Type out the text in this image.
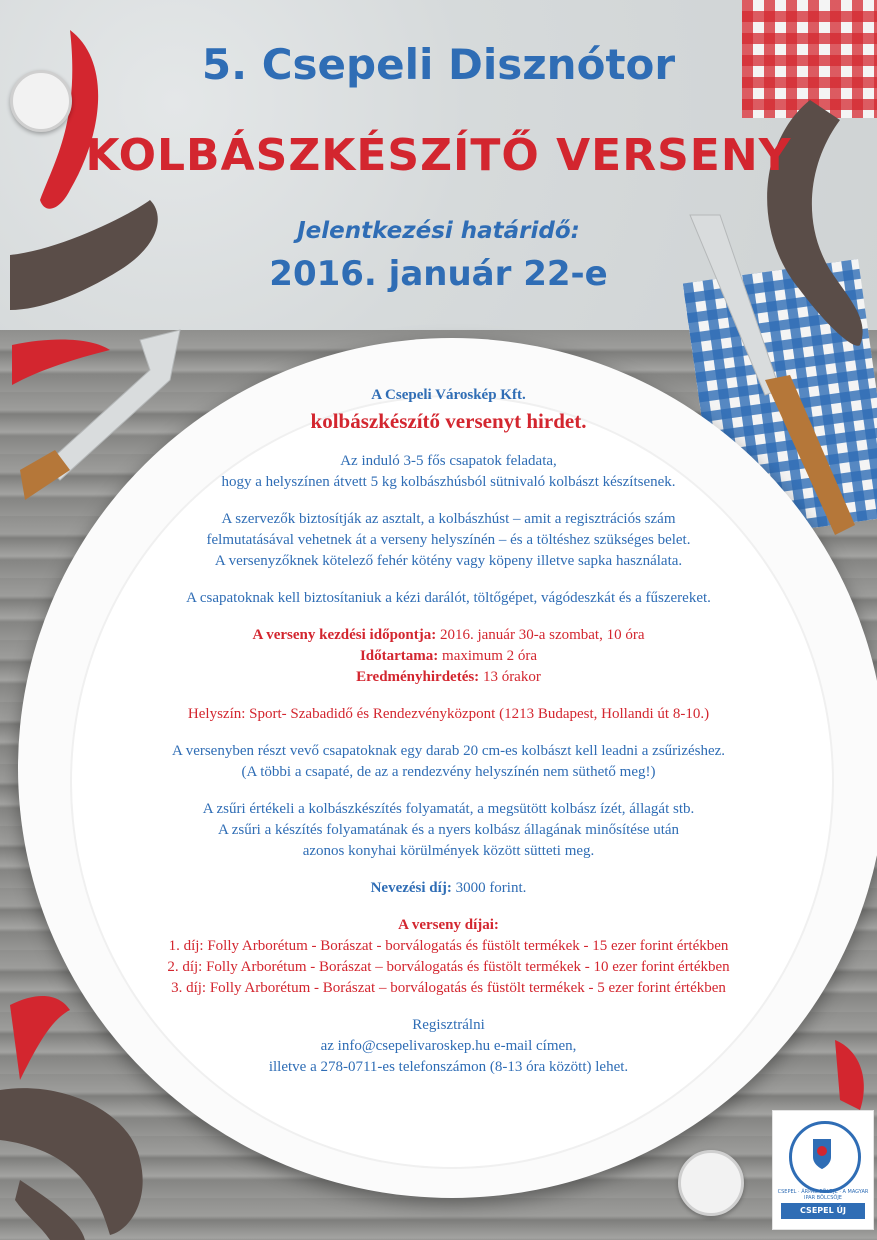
5. Csepeli Disznótor
KOLBÁSZKÉSZÍTŐ VERSENY
Jelentkezési határidő:
2016. január 22-e

A Csepeli Városkép Kft.

kolbászkészítő versenyt hirdet.

Az induló 3-5 fős csapatok feladata,
hogy a helyszínen átvett 5 kg kolbászhúsból sütnivaló kolbászt készítsenek.

A szervezők biztosítják az asztalt, a kolbászhúst – amit a regisztrációs szám
felmutatásával vehetnek át a verseny helyszínén – és a töltéshez szükséges belet.
A versenyzőknek kötelező fehér kötény vagy köpeny illetve sapka használata.

A csapatoknak kell biztosítaniuk a kézi darálót, töltőgépet, vágódeszkát és a fűszereket.

A verseny kezdési időpontja: 2016. január 30-a szombat, 10 óra
Időtartama: maximum 2 óra
Eredményhirdetés: 13 órakor

Helyszín: Sport- Szabadidő és Rendezvényközpont (1213 Budapest, Hollandi út 8-10.)

A versenyben részt vevő csapatoknak egy darab 20 cm-es kolbászt kell leadni a zsűrizéshez.
(A többi a csapaté, de az a rendezvény helyszínén nem süthető meg!)

A zsűri értékeli a kolbászkészítés folyamatát, a megsütött kolbász ízét, állagát stb.
A zsűri a készítés folyamatának és a nyers kolbász állagának minősítése után
azonos konyhai körülmények között sütteti meg.

Nevezési díj: 3000 forint.

A verseny díjai:
1. díj: Folly Arborétum - Borászat - borválogatás és füstölt termékek - 15 ezer forint értékben
2. díj: Folly Arborétum - Borászat – borválogatás és füstölt termékek - 10 ezer forint értékben
3. díj: Folly Arborétum - Borászat – borválogatás és füstölt termékek - 5 ezer forint értékben

Regisztrálni
az info@csepelivaroskep.hu e-mail címen,
illetve a 278-0711-es telefonszámon (8-13 óra között) lehet.

CSEPEL ÚJ UTAKON
CSEPEL · ÁRPÁD FÖLDJE · A MAGYAR IPAR BÖLCSŐJE
